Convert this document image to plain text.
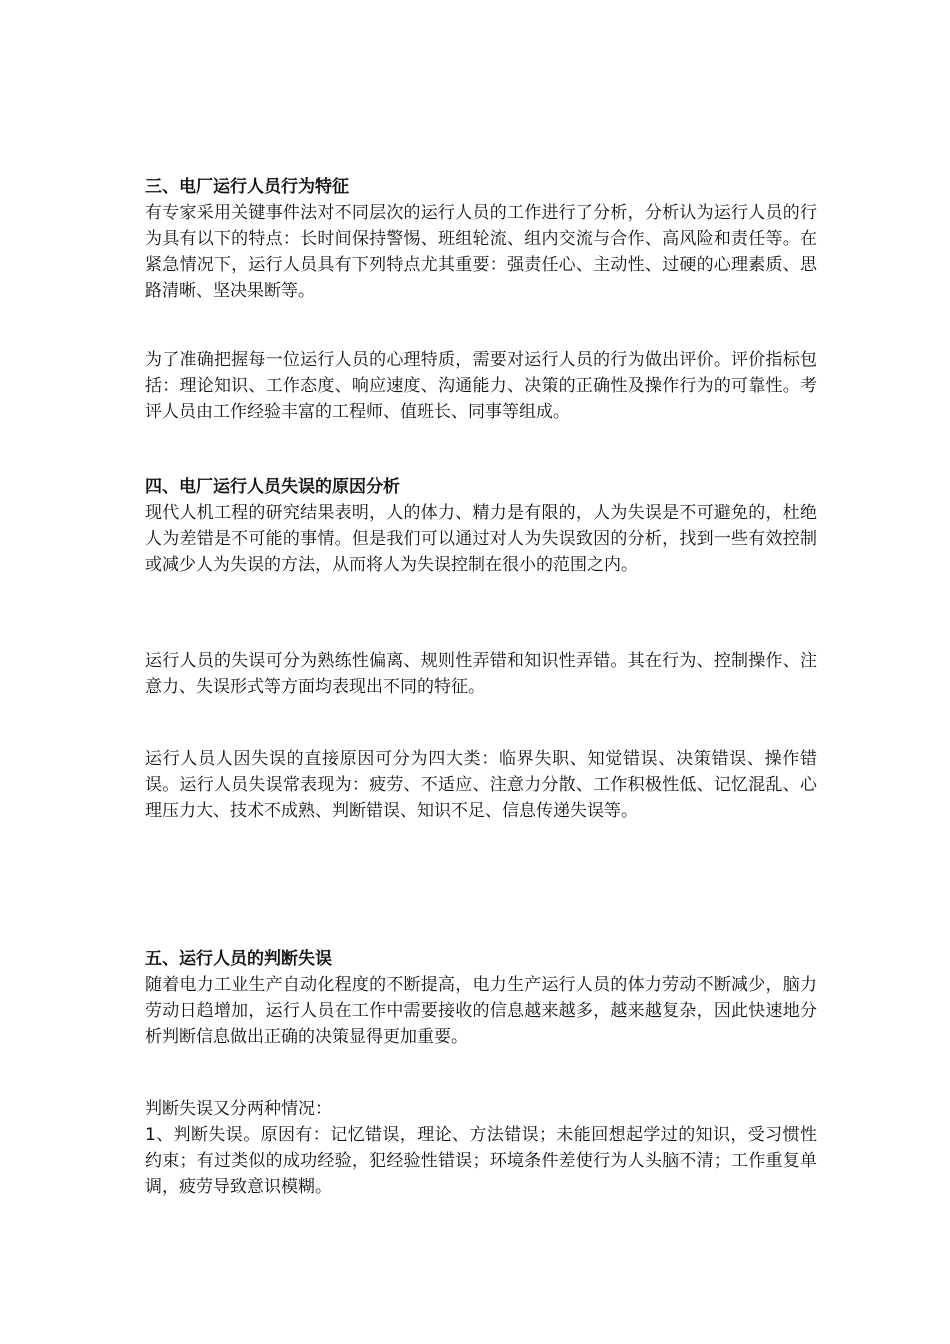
三、电厂运行人员行为特征
有专家采用关键事件法对不同层次的运行人员的工作进行了分析，分析认为运行人员的行为具有以下的特点：长时间保持警惕、班组轮流、组内交流与合作、高风险和责任等。在紧急情况下，运行人员具有下列特点尤其重要：强责任心、主动性、过硬的心理素质、思路清晰、坚决果断等。
为了准确把握每一位运行人员的心理特质，需要对运行人员的行为做出评价。评价指标包括：理论知识、工作态度、响应速度、沟通能力、决策的正确性及操作行为的可靠性。考评人员由工作经验丰富的工程师、值班长、同事等组成。
四、电厂运行人员失误的原因分析
现代人机工程的研究结果表明，人的体力、精力是有限的，人为失误是不可避免的，杜绝人为差错是不可能的事情。但是我们可以通过对人为失误致因的分析，找到一些有效控制或减少人为失误的方法，从而将人为失误控制在很小的范围之内。
运行人员的失误可分为熟练性偏离、规则性弄错和知识性弄错。其在行为、控制操作、注意力、失误形式等方面均表现出不同的特征。
运行人员人因失误的直接原因可分为四大类：临界失职、知觉错误、决策错误、操作错误。运行人员失误常表现为：疲劳、不适应、注意力分散、工作积极性低、记忆混乱、心理压力大、技术不成熟、判断错误、知识不足、信息传递失误等。
五、运行人员的判断失误
随着电力工业生产自动化程度的不断提高，电力生产运行人员的体力劳动不断减少，脑力劳动日趋增加，运行人员在工作中需要接收的信息越来越多，越来越复杂，因此快速地分析判断信息做出正确的决策显得更加重要。
判断失误又分两种情况：
1、判断失误。原因有：记忆错误，理论、方法错误；未能回想起学过的知识，受习惯性约束；有过类似的成功经验，犯经验性错误；环境条件差使行为人头脑不清；工作重复单调，疲劳导致意识模糊。
